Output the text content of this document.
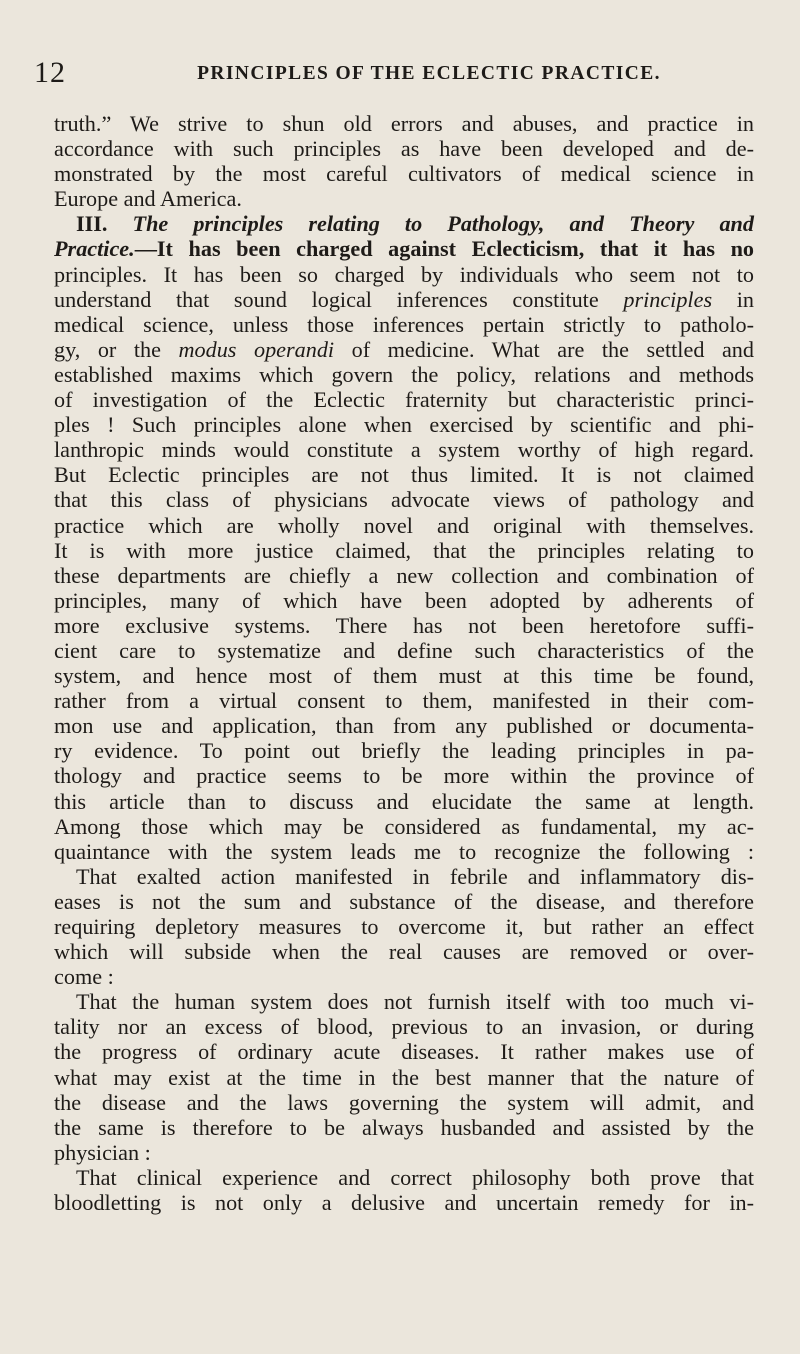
12	PRINCIPLES OF THE ECLECTIC PRACTICE.
truth.” We strive to shun old errors and abuses, and practice in
accordance with such principles as have been developed and de-
monstrated by the most careful cultivators of medical science in
Europe and America.
III. The principles relating to Pathology, and Theory and
Practice.—It has been charged against Eclecticism, that it has no
principles. It has been so charged by individuals who seem not to
understand that sound logical inferences constitute principles in
medical science, unless those inferences pertain strictly to patholo-
gy, or the modus operandi of medicine. What are the settled and
established maxims which govern the policy, relations and methods
of investigation of the Eclectic fraternity but characteristic princi-
ples ! Such principles alone when exercised by scientific and phi-
lanthropic minds would constitute a system worthy of high regard.
But Eclectic principles are not thus limited. It is not claimed
that this class of physicians advocate views of pathology and
practice which are wholly novel and original with themselves.
It is with more justice claimed, that the principles relating to
these departments are chiefly a new collection and combination of
principles, many of which have been adopted by adherents of
more exclusive systems. There has not been heretofore suffi-
cient care to systematize and define such characteristics of the
system, and hence most of them must at this time be found,
rather from a virtual consent to them, manifested in their com-
mon use and application, than from any published or documenta-
ry evidence. To point out briefly the leading principles in pa-
thology and practice seems to be more within the province of
this article than to discuss and elucidate the same at length.
Among those which may be considered as fundamental, my ac-
quaintance with the system leads me to recognize the following :
That exalted action manifested in febrile and inflammatory dis-
eases is not the sum and substance of the disease, and therefore
requiring depletory measures to overcome it, but rather an effect
which will subside when the real causes are removed or over-
come :
That the human system does not furnish itself with too much vi-
tality nor an excess of blood, previous to an invasion, or during
the progress of ordinary acute diseases. It rather makes use of
what may exist at the time in the best manner that the nature of
the disease and the laws governing the system will admit, and
the same is therefore to be always husbanded and assisted by the
physician :
That clinical experience and correct philosophy both prove that
bloodletting is not only a delusive and uncertain remedy for in-
